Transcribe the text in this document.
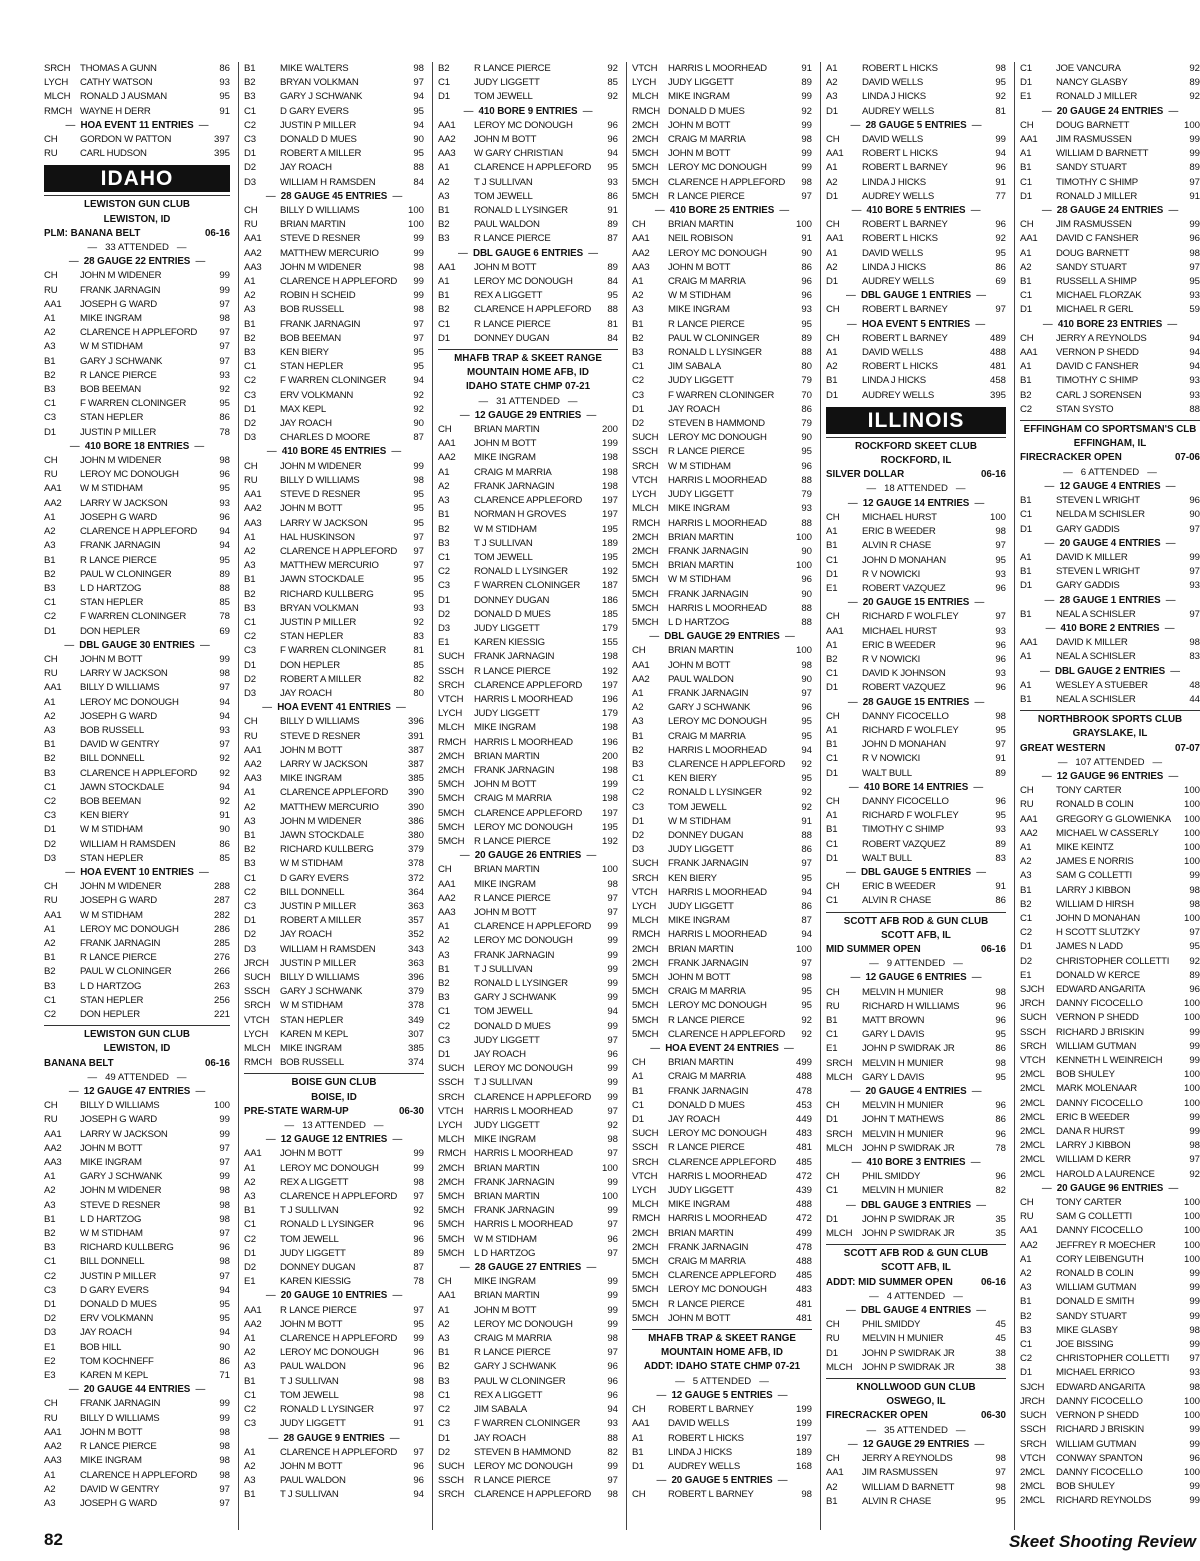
SRCH	THOMAS A GUNN	86
LYCH	CATHY WATSON	93
MLCH	RONALD J AUSMAN	95
RMCH WAYNE H DERR	91
—  HOA EVENT 11 ENTRIES  —
CH	GORDON W PATTON	397
RU	CARL HUDSON	395
IDAHO
LEWISTON GUN CLUB
LEWISTON, ID
PLM: BANANA BELT	06-16
—   33 ATTENDED   —
—  28 GAUGE 22 ENTRIES  —
CH	JOHN M WIDENER	99
RU	FRANK JARNAGIN	99
AA1	JOSEPH G WARD	97
A1	MIKE INGRAM	98
A2	CLARENCE H APPLEFORD	97
A3	W M STIDHAM	97
B1	GARY J SCHWANK	97
B2	R LANCE PIERCE	93
B3	BOB BEEMAN	92
C1	F WARREN CLONINGER	95
C3	STAN HEPLER	86
D1	JUSTIN P MILLER	78
—  410 BORE 18 ENTRIES  —
CH	JOHN M WIDENER	98
RU	LEROY MC DONOUGH	96
AA1	W M STIDHAM	95
AA2	LARRY W JACKSON	93
A1	JOSEPH G WARD	96
A2	CLARENCE H APPLEFORD	94
A3	FRANK JARNAGIN	94
B1	R LANCE PIERCE	95
B2	PAUL W CLONINGER	89
B3	L D HARTZOG	88
C1	STAN HEPLER	85
C2	F WARREN CLONINGER	78
D1	DON HEPLER	69
—  DBL GAUGE 30 ENTRIES  —
CH	JOHN M BOTT	99
RU	LARRY W JACKSON	98
AA1	BILLY D WILLIAMS	97
A1	LEROY MC DONOUGH	94
A2	JOSEPH G WARD	94
A3	BOB RUSSELL	93
B1	DAVID W GENTRY	97
B2	BILL DONNELL	92
B3	CLARENCE H APPLEFORD	92
C1	JAWN STOCKDALE	94
C2	BOB BEEMAN	92
C3	KEN BIERY	91
D1	W M STIDHAM	90
D2	WILLIAM H RAMSDEN	86
D3	STAN HEPLER	85
—  HOA EVENT 10 ENTRIES  —
CH	JOHN M WIDENER	288
RU	JOSEPH G WARD	287
AA1	W M STIDHAM	282
A1	LEROY MC DONOUGH	286
A2	FRANK JARNAGIN	285
B1	R LANCE PIERCE	276
B2	PAUL W CLONINGER	266
B3	L D HARTZOG	263
C1	STAN HEPLER	256
C2	DON HEPLER	221
LEWISTON GUN CLUB
LEWISTON, ID
BANANA BELT	06-16
—   49 ATTENDED   —
—  12 GAUGE 47 ENTRIES  —
CH	BILLY D WILLIAMS	100
RU	JOSEPH G WARD	99
AA1	LARRY W JACKSON	99
AA2	JOHN M BOTT	97
AA3	MIKE INGRAM	97
A1	GARY J SCHWANK	99
A2	JOHN M WIDENER	98
A3	STEVE D RESNER	98
B1	L D HARTZOG	98
B2	W M STIDHAM	97
B3	RICHARD KULLBERG	96
C1	BILL DONNELL	98
C2	JUSTIN P MILLER	97
C3	D GARY EVERS	94
D1	DONALD D MUES	95
D2	ERV VOLKMANN	95
D3	JAY ROACH	94
E1	BOB HILL	90
E2	TOM KOCHNEFF	86
E3	KAREN M KEPL	71
—  20 GAUGE 44 ENTRIES  —
CH	FRANK JARNAGIN	99
RU	BILLY D WILLIAMS	99
AA1	JOHN M BOTT	98
AA2	R LANCE PIERCE	98
AA3	MIKE INGRAM	98
A1	CLARENCE H APPLEFORD	98
A2	DAVID W GENTRY	97
A3	JOSEPH G WARD	97
B1	MIKE WALTERS	98
B2	BRYAN VOLKMAN	97
B3	GARY J SCHWANK	94
C1	D GARY EVERS	95
C2	JUSTIN P MILLER	94
C3	DONALD D MUES	90
D1	ROBERT A MILLER	95
D2	JAY ROACH	88
D3	WILLIAM H RAMSDEN	84
—  28 GAUGE 45 ENTRIES  —
CH	BILLY D WILLIAMS	100
RU	BRIAN MARTIN	100
AA1	STEVE D RESNER	99
AA2	MATTHEW MERCURIO	99
AA3	JOHN M WIDENER	98
A1	CLARENCE H APPLEFORD	99
A2	ROBIN H SCHEID	99
A3	BOB RUSSELL	98
B1	FRANK JARNAGIN	97
B2	BOB BEEMAN	97
B3	KEN BIERY	95
C1	STAN HEPLER	95
C2	F WARREN CLONINGER	94
C3	ERV VOLKMANN	92
D1	MAX KEPL	92
D2	JAY ROACH	90
D3	CHARLES D MOORE	87
—  410 BORE 45 ENTRIES  —
CH	JOHN M WIDENER	99
RU	BILLY D WILLIAMS	98
AA1	STEVE D RESNER	95
AA2	JOHN M BOTT	95
AA3	LARRY W JACKSON	95
A1	HAL HUSKINSON	97
A2	CLARENCE H APPLEFORD	97
A3	MATTHEW MERCURIO	97
B1	JAWN STOCKDALE	95
B2	RICHARD KULLBERG	95
B3	BRYAN VOLKMAN	93
C1	JUSTIN P MILLER	92
C2	STAN HEPLER	83
C3	F WARREN CLONINGER	81
D1	DON HEPLER	85
D2	ROBERT A MILLER	82
D3	JAY ROACH	80
—  HOA EVENT 41 ENTRIES  —
CH	BILLY D WILLIAMS	396
RU	STEVE D RESNER	391
AA1	JOHN M BOTT	387
AA2	LARRY W JACKSON	387
AA3	MIKE INGRAM	385
A1	CLARENCE APPLEFORD	390
A2	MATTHEW MERCURIO	390
A3	JOHN M WIDENER	386
B1	JAWN STOCKDALE	380
B2	RICHARD KULLBERG	379
B3	W M STIDHAM	378
C1	D GARY EVERS	372
C2	BILL DONNELL	364
C3	JUSTIN P MILLER	363
D1	ROBERT A MILLER	357
D2	JAY ROACH	352
D3	WILLIAM H RAMSDEN	343
JRCH	JUSTIN P MILLER	363
SUCH	BILLY D WILLIAMS	396
SSCH	GARY J SCHWANK	379
SRCH	W M STIDHAM	378
VTCH	STAN HEPLER	349
LYCH	KAREN M KEPL	307
MLCH	MIKE INGRAM	385
RMCH BOB RUSSELL	374
BOISE GUN CLUB
BOISE, ID
PRE-STATE WARM-UP	06-30
—   13 ATTENDED   —
—  12 GAUGE 12 ENTRIES  —
AA1	JOHN M BOTT	99
A1	LEROY MC DONOUGH	99
A2	REX A LIGGETT	98
A3	CLARENCE H APPLEFORD	97
B1	T J SULLIVAN	92
C1	RONALD L LYSINGER	96
C2	TOM JEWELL	96
D1	JUDY LIGGETT	89
D2	DONNEY DUGAN	87
E1	KAREN KIESSIG	78
—  20 GAUGE 10 ENTRIES  —
AA1	R LANCE PIERCE	97
AA2	JOHN M BOTT	95
A1	CLARENCE H APPLEFORD	99
A2	LEROY MC DONOUGH	96
A3	PAUL WALDON	96
B1	T J SULLIVAN	98
C1	TOM JEWELL	98
C2	RONALD L LYSINGER	97
C3	JUDY LIGGETT	91
—  28 GAUGE 9 ENTRIES  —
A1	CLARENCE H APPLEFORD	97
A2	JOHN M BOTT	96
A3	PAUL WALDON	96
B1	T J SULLIVAN	94
B2	R LANCE PIERCE	92
C1	JUDY LIGGETT	85
D1	TOM JEWELL	92
—  410 BORE 9 ENTRIES  —
AA1	LEROY MC DONOUGH	96
AA2	JOHN M BOTT	96
AA3	W GARY CHRISTIAN	94
A1	CLARENCE H APPLEFORD	95
A2	T J SULLIVAN	93
A3	TOM JEWELL	86
B1	RONALD L LYSINGER	91
B2	PAUL WALDON	89
B3	R LANCE PIERCE	87
—  DBL GAUGE 6 ENTRIES  —
AA1	JOHN M BOTT	89
A1	LEROY MC DONOUGH	84
B1	REX A LIGGETT	95
B2	CLARENCE H APPLEFORD	88
C1	R LANCE PIERCE	81
D1	DONNEY DUGAN	84
MHAFB TRAP & SKEET RANGE
MOUNTAIN HOME AFB, ID
IDAHO STATE CHMP 07-21
—   31 ATTENDED   —
—  12 GAUGE 29 ENTRIES  —
CH	BRIAN MARTIN	200
AA1	JOHN M BOTT	199
AA2	MIKE INGRAM	198
A1	CRAIG M MARRIA	198
A2	FRANK JARNAGIN	198
A3	CLARENCE APPLEFORD	197
B1	NORMAN H GROVES	197
B2	W M STIDHAM	195
B3	T J SULLIVAN	189
C1	TOM JEWELL	195
C2	RONALD L LYSINGER	192
C3	F WARREN CLONINGER	187
D1	DONNEY DUGAN	186
D2	DONALD D MUES	185
D3	JUDY LIGGETT	179
E1	KAREN KIESSIG	155
SUCH	FRANK JARNAGIN	198
SSCH	R LANCE PIERCE	192
SRCH	CLARENCE APPLEFORD	197
VTCH	HARRIS L MOORHEAD	196
LYCH	JUDY LIGGETT	179
MLCH	MIKE INGRAM	198
RMCH HARRIS L MOORHEAD	196
2MCH	BRIAN MARTIN	200
2MCH	FRANK JARNAGIN	198
5MCH	JOHN M BOTT	199
5MCH	CRAIG M MARRIA	198
5MCH	CLARENCE APPLEFORD	197
5MCH	LEROY MC DONOUGH	195
5MCH	R LANCE PIERCE	192
—  20 GAUGE 26 ENTRIES  —
CH	BRIAN MARTIN	100
AA1	MIKE INGRAM	98
AA2	R LANCE PIERCE	97
AA3	JOHN M BOTT	97
A1	CLARENCE H APPLEFORD	99
A2	LEROY MC DONOUGH	99
A3	FRANK JARNAGIN	99
B1	T J SULLIVAN	99
B2	RONALD L LYSINGER	99
B3	GARY J SCHWANK	99
C1	TOM JEWELL	94
C2	DONALD D MUES	99
C3	JUDY LIGGETT	97
D1	JAY ROACH	96
SUCH	LEROY MC DONOUGH	99
SSCH	T J SULLIVAN	99
SRCH	CLARENCE H APPLEFORD	99
VTCH	HARRIS L MOORHEAD	97
LYCH	JUDY LIGGETT	92
MLCH	MIKE INGRAM	98
RMCH HARRIS L MOORHEAD	97
2MCH	BRIAN MARTIN	100
2MCH	FRANK JARNAGIN	99
5MCH	BRIAN MARTIN	100
5MCH	FRANK JARNAGIN	99
5MCH	HARRIS L MOORHEAD	97
5MCH	W M STIDHAM	96
5MCH	L D HARTZOG	97
—  28 GAUGE 27 ENTRIES  —
CH	MIKE INGRAM	99
AA1	BRIAN MARTIN	99
A1	JOHN M BOTT	99
A2	LEROY MC DONOUGH	99
A3	CRAIG M MARRIA	98
B1	R LANCE PIERCE	97
B2	GARY J SCHWANK	96
B3	PAUL W CLONINGER	96
C1	REX A LIGGETT	96
C2	JIM SABALA	94
C3	F WARREN CLONINGER	93
D1	JAY ROACH	88
D2	STEVEN B HAMMOND	82
SUCH	LEROY MC DONOUGH	99
SSCH	R LANCE PIERCE	97
SRCH	CLARENCE H APPLEFORD	98
VTCH	HARRIS L MOORHEAD	91
LYCH	JUDY LIGGETT	89
MLCH	MIKE INGRAM	99
RMCH DONALD D MUES	92
2MCH	JOHN M BOTT	99
2MCH	CRAIG M MARRIA	98
5MCH	JOHN M BOTT	99
5MCH	LEROY MC DONOUGH	99
5MCH	CLARENCE H APPLEFORD	98
5MCH	R LANCE PIERCE	97
—  410 BORE 25 ENTRIES  —
CH	BRIAN MARTIN	100
AA1	NEIL ROBISON	91
AA2	LEROY MC DONOUGH	90
AA3	JOHN M BOTT	86
A1	CRAIG M MARRIA	96
A2	W M STIDHAM	96
A3	MIKE INGRAM	93
B1	R LANCE PIERCE	95
B2	PAUL W CLONINGER	89
B3	RONALD L LYSINGER	88
C1	JIM SABALA	80
C2	JUDY LIGGETT	79
C3	F WARREN CLONINGER	70
D1	JAY ROACH	86
D2	STEVEN B HAMMOND	79
SUCH	LEROY MC DONOUGH	90
SSCH	R LANCE PIERCE	95
SRCH	W M STIDHAM	96
VTCH	HARRIS L MOORHEAD	88
LYCH	JUDY LIGGETT	79
MLCH	MIKE INGRAM	93
RMCH HARRIS L MOORHEAD	88
2MCH	BRIAN MARTIN	100
2MCH	FRANK JARNAGIN	90
5MCH	BRIAN MARTIN	100
5MCH	W M STIDHAM	96
5MCH	FRANK JARNAGIN	90
5MCH	HARRIS L MOORHEAD	88
5MCH	L D HARTZOG	88
—  DBL GAUGE 29 ENTRIES  —
CH	BRIAN MARTIN	100
AA1	JOHN M BOTT	98
AA2	PAUL WALDON	90
A1	FRANK JARNAGIN	97
A2	GARY J SCHWANK	96
A3	LEROY MC DONOUGH	95
B1	CRAIG M MARRIA	95
B2	HARRIS L MOORHEAD	94
B3	CLARENCE H APPLEFORD	92
C1	KEN BIERY	95
C2	RONALD L LYSINGER	92
C3	TOM JEWELL	92
D1	W M STIDHAM	91
D2	DONNEY DUGAN	88
D3	JUDY LIGGETT	86
SUCH	FRANK JARNAGIN	97
SRCH	KEN BIERY	95
VTCH	HARRIS L MOORHEAD	94
LYCH	JUDY LIGGETT	86
MLCH	MIKE INGRAM	87
RMCH HARRIS L MOORHEAD	94
2MCH	BRIAN MARTIN	100
2MCH	FRANK JARNAGIN	97
5MCH	JOHN M BOTT	98
5MCH	CRAIG M MARRIA	95
5MCH	LEROY MC DONOUGH	95
5MCH	R LANCE PIERCE	92
5MCH	CLARENCE H APPLEFORD	92
—  HOA EVENT 24 ENTRIES  —
CH	BRIAN MARTIN	499
A1	CRAIG M MARRIA	488
B1	FRANK JARNAGIN	478
C1	DONALD D MUES	453
D1	JAY ROACH	449
SUCH	LEROY MC DONOUGH	483
SSCH	R LANCE PIERCE	481
SRCH	CLARENCE APPLEFORD	485
VTCH	HARRIS L MOORHEAD	472
LYCH	JUDY LIGGETT	439
MLCH	MIKE INGRAM	488
RMCH HARRIS L MOORHEAD	472
2MCH	BRIAN MARTIN	499
2MCH	FRANK JARNAGIN	478
5MCH	CRAIG M MARRIA	488
5MCH	CLARENCE APPLEFORD	485
5MCH	LEROY MC DONOUGH	483
5MCH	R LANCE PIERCE	481
5MCH	JOHN M BOTT	481
MHAFB TRAP & SKEET RANGE
MOUNTAIN HOME AFB, ID
ADDT: IDAHO STATE CHMP 07-21
—   5 ATTENDED   —
—  12 GAUGE 5 ENTRIES  —
CH	ROBERT L BARNEY	199
AA1	DAVID WELLS	199
A1	ROBERT L HICKS	197
B1	LINDA J HICKS	189
D1	AUDREY WELLS	168
—  20 GAUGE 5 ENTRIES  —
CH	ROBERT L BARNEY	98
A1	ROBERT L HICKS	98
A2	DAVID WELLS	95
A3	LINDA J HICKS	92
D1	AUDREY WELLS	81
—  28 GAUGE 5 ENTRIES  —
CH	DAVID WELLS	99
AA1	ROBERT L HICKS	94
A1	ROBERT L BARNEY	96
A2	LINDA J HICKS	91
D1	AUDREY WELLS	77
—  410 BORE 5 ENTRIES  —
CH	ROBERT L BARNEY	96
AA1	ROBERT L HICKS	92
A1	DAVID WELLS	95
A2	LINDA J HICKS	86
D1	AUDREY WELLS	69
—  DBL GAUGE 1 ENTRIES  —
CH	ROBERT L BARNEY	97
—  HOA EVENT 5 ENTRIES  —
CH	ROBERT L BARNEY	489
A1	DAVID WELLS	488
A2	ROBERT L HICKS	481
B1	LINDA J HICKS	458
D1	AUDREY WELLS	395
ILLINOIS
ROCKFORD SKEET CLUB
ROCKFORD, IL
SILVER DOLLAR	06-16
—   18 ATTENDED   —
—  12 GAUGE 14 ENTRIES  —
CH	MICHAEL HURST	100
A1	ERIC B WEEDER	98
B1	ALVIN R CHASE	97
C1	JOHN D MONAHAN	95
D1	R V NOWICKI	93
E1	ROBERT VAZQUEZ	96
—  20 GAUGE 15 ENTRIES  —
CH	RICHARD F WOLFLEY	97
AA1	MICHAEL HURST	93
A1	ERIC B WEEDER	96
B2	R V NOWICKI	96
C1	DAVID K JOHNSON	93
D1	ROBERT VAZQUEZ	96
—  28 GAUGE 15 ENTRIES  —
CH	DANNY FICOCELLO	98
A1	RICHARD F WOLFLEY	95
B1	JOHN D MONAHAN	97
C1	R V NOWICKI	91
D1	WALT BULL	89
—  410 BORE 14 ENTRIES  —
CH	DANNY FICOCELLO	96
A1	RICHARD F WOLFLEY	95
B1	TIMOTHY C SHIMP	93
C1	ROBERT VAZQUEZ	89
D1	WALT BULL	83
—  DBL GAUGE 5 ENTRIES  —
CH	ERIC B WEEDER	91
C1	ALVIN R CHASE	86
SCOTT AFB ROD & GUN CLUB
SCOTT AFB, IL
MID SUMMER OPEN	06-16
—   9 ATTENDED   —
—  12 GAUGE 6 ENTRIES  —
CH	MELVIN H MUNIER	98
RU	RICHARD H WILLIAMS	96
B1	MATT BROWN	96
C1	GARY L DAVIS	95
E1	JOHN P SWIDRAK JR	86
SRCH	MELVIN H MUNIER	98
MLCH	GARY L DAVIS	95
—  20 GAUGE 4 ENTRIES  —
CH	MELVIN H MUNIER	96
D1	JOHN T MATHEWS	86
SRCH	MELVIN H MUNIER	96
MLCH	JOHN P SWIDRAK JR	78
—  410 BORE 3 ENTRIES  —
CH	PHIL SMIDDY	96
C1	MELVIN H MUNIER	82
—  DBL GAUGE 3 ENTRIES  —
D1	JOHN P SWIDRAK JR	35
MLCH	JOHN P SWIDRAK JR	35
SCOTT AFB ROD & GUN CLUB
SCOTT AFB, IL
ADDT: MID SUMMER OPEN	06-16
—   4 ATTENDED   —
—  DBL GAUGE 4 ENTRIES  —
CH	PHIL SMIDDY	45
RU	MELVIN H MUNIER	45
D1	JOHN P SWIDRAK JR	38
MLCH	JOHN P SWIDRAK JR	38
KNOLLWOOD GUN CLUB
OSWEGO, IL
FIRECRACKER OPEN	06-30
—   35 ATTENDED   —
—  12 GAUGE 29 ENTRIES  —
CH	JERRY A REYNOLDS	98
AA1	JIM RASMUSSEN	97
A2	WILLIAM D BARNETT	98
B1	ALVIN R CHASE	95
C1	JOE VANCURA	92
D1	NANCY GLASBY	89
E1	RONALD J MILLER	92
—  20 GAUGE 24 ENTRIES  —
CH	DOUG BARNETT	100
AA1	JIM RASMUSSEN	99
A1	WILLIAM D BARNETT	99
B1	SANDY STUART	89
C1	TIMOTHY C SHIMP	97
D1	RONALD J MILLER	91
—  28 GAUGE 24 ENTRIES  —
CH	JIM RASMUSSEN	99
AA1	DAVID C FANSHER	96
A1	DOUG BARNETT	98
A2	SANDY STUART	97
B1	RUSSELL A SHIMP	95
C1	MICHAEL FLORZAK	93
D1	MICHAEL R GERL	59
—  410 BORE 23 ENTRIES  —
CH	JERRY A REYNOLDS	94
AA1	VERNON P SHEDD	94
A1	DAVID C FANSHER	94
B1	TIMOTHY C SHIMP	93
B2	CARL J SORENSEN	93
C2	STAN SYSTO	88
EFFINGHAM CO SPORTSMAN'S CLB
EFFINGHAM, IL
FIRECRACKER OPEN	07-06
—   6 ATTENDED   —
—  12 GAUGE 4 ENTRIES  —
B1	STEVEN L WRIGHT	96
C1	NELDA M SCHISLER	90
D1	GARY GADDIS	97
—  20 GAUGE 4 ENTRIES  —
A1	DAVID K MILLER	99
B1	STEVEN L WRIGHT	97
D1	GARY GADDIS	93
—  28 GAUGE 1 ENTRIES  —
B1	NEAL A SCHISLER	97
—  410 BORE 2 ENTRIES  —
AA1	DAVID K MILLER	98
A1	NEAL A SCHISLER	83
—  DBL GAUGE 2 ENTRIES  —
A1	WESLEY A STUEBER	48
B1	NEAL A SCHISLER	44
NORTHBROOK SPORTS CLUB
GRAYSLAKE, IL
GREAT WESTERN	07-07
—   107 ATTENDED   —
—  12 GAUGE 96 ENTRIES  —
CH	TONY CARTER	100
RU	RONALD B COLIN	100
AA1	GREGORY G GLOWIENKA	100
AA2	MICHAEL W CASSERLY	100
A1	MIKE KEINTZ	100
A2	JAMES E NORRIS	100
A3	SAM G COLLETTI	99
B1	LARRY J KIBBON	98
B2	WILLIAM D HIRSH	98
C1	JOHN D MONAHAN	100
C2	H SCOTT SLUTZKY	97
D1	JAMES N LADD	95
D2	CHRISTOPHER COLLETTI	92
E1	DONALD W KERCE	89
SJCH	EDWARD ANGARITA	96
JRCH	DANNY FICOCELLO	100
SUCH	VERNON P SHEDD	100
SSCH	RICHARD J BRISKIN	99
SRCH	WILLIAM GUTMAN	99
VTCH	KENNETH L WEINREICH	99
2MCL	BOB SHULEY	100
2MCL	MARK MOLENAAR	100
2MCL	DANNY FICOCELLO	100
2MCL	ERIC B WEEDER	99
2MCL	DANA R HURST	99
2MCL	LARRY J KIBBON	98
2MCL	WILLIAM D KERR	97
2MCL	HAROLD A LAURENCE	92
—  20 GAUGE 96 ENTRIES  —
CH	TONY CARTER	100
RU	SAM G COLLETTI	100
AA1	DANNY FICOCELLO	100
AA2	JEFFREY R MOECHER	100
A1	CORY LEIBENGUTH	100
A2	RONALD B COLIN	99
A3	WILLIAM GUTMAN	99
B1	DONALD E SMITH	99
B2	SANDY STUART	99
B3	MIKE GLASBY	98
C1	JOE BISSING	99
C2	CHRISTOPHER COLLETTI	97
D1	MICHAEL ERRICO	93
SJCH	EDWARD ANGARITA	98
JRCH	DANNY FICOCELLO	100
SUCH	VERNON P SHEDD	100
SSCH	RICHARD J BRISKIN	99
SRCH	WILLIAM GUTMAN	99
VTCH	CONWAY SPANTON	96
2MCL	DANNY FICOCELLO	100
2MCL	BOB SHULEY	99
2MCL	RICHARD REYNOLDS	99
82	Skeet Shooting Review
